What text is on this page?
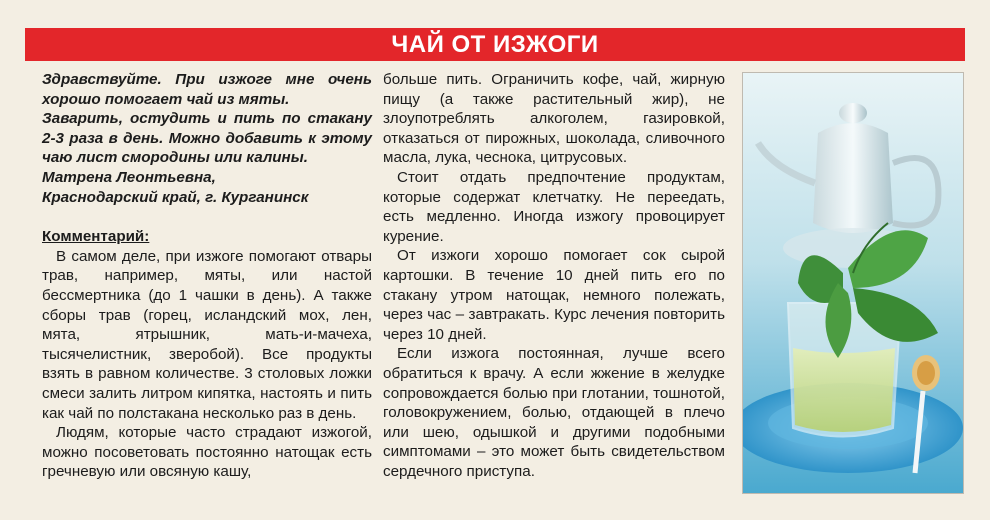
ЧАЙ ОТ ИЗЖОГИ

Здравствуйте. При изжоге мне очень хорошо помогает чай из мяты.

Заварить, остудить и пить по стакану 2-3 раза в день. Можно добавить к этому чаю лист смородины или калины.

Матрена Леонтьевна,

Краснодарский край, г. Курганинск

Комментарий:

В самом деле, при изжоге помогают отвары трав, например, мяты, или настой бессмертника (до 1 чашки в день). А также сборы трав (горец, исландский мох, лен, мята, ятрышник, мать-и-мачеха, тысячелистник, зверобой). Все продукты взять в равном количестве. 3 столовых ложки смеси залить литром кипятка, настоять и пить как чай по полстакана несколько раз в день.

Людям, которые часто страдают изжогой, можно посоветовать постоянно натощак есть гречневую или овсяную кашу,

больше пить. Ограничить кофе, чай, жирную пищу (а также растительный жир), не злоупотреблять алкоголем, газировкой, отказаться от пирожных, шоколада, сливочного масла, лука, чеснока, цитрусовых.

Стоит отдать предпочтение продуктам, которые содержат клетчатку. Не переедать, есть медленно. Иногда изжогу провоцирует курение.

От изжоги хорошо помогает сок сырой картошки. В течение 10 дней пить его по стакану утром натощак, немного полежать, через час – завтракать. Курс лечения повторить через 10 дней.

Если изжога постоянная, лучше всего обратиться к врачу. А если жжение в желудке сопровождается болью при глотании, тошнотой, головокружением, болью, отдающей в плечо или шею, одышкой и другими подобными симптомами – это может быть свидетельством сердечного приступа.
